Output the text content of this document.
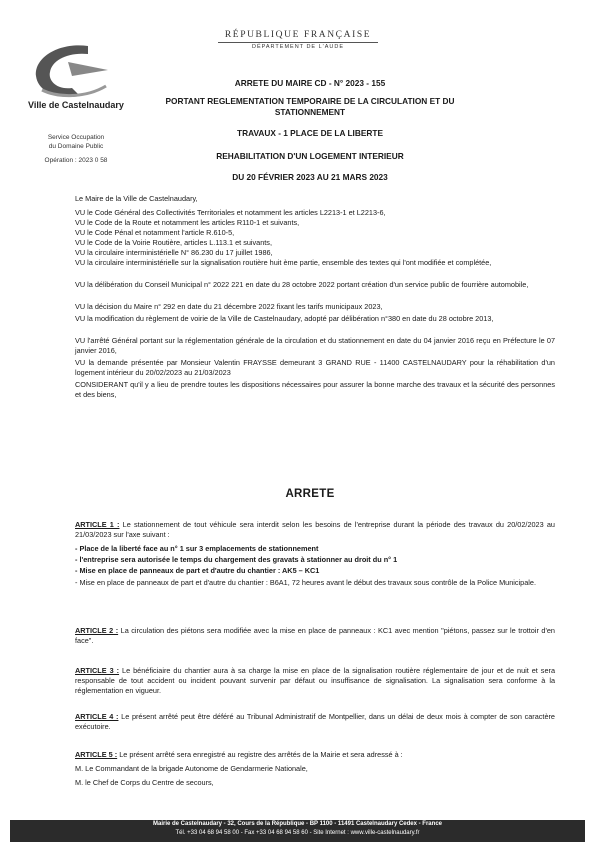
Ville de Castelnaudary
Service Occupation
du Domaine Public
Opération : 2023 0 58
RÉPUBLIQUE FRANÇAISE
DÉPARTEMENT DE L'AUDE
ARRETE DU MAIRE CD - N° 2023 - 155
PORTANT REGLEMENTATION TEMPORAIRE DE LA CIRCULATION ET DU
STATIONNEMENT
TRAVAUX - 1 PLACE DE LA LIBERTE
REHABILITATION D'UN LOGEMENT INTERIEUR
DU 20 FÉVRIER 2023 AU 21 MARS 2023
Le Maire de la Ville de Castelnaudary,
VU le Code Général des Collectivités Territoriales et notamment les articles L2213-1 et L2213-6,
VU le Code de la Route et notamment les articles R110-1 et suivants,
VU le Code Pénal et notamment l'article R.610-5,
VU le Code de la Voirie Routière, articles L.113.1 et suivants,
VU la circulaire interministérielle N° 86.230 du 17 juillet 1986,
VU la circulaire interministérielle sur la signalisation routière huit ème partie, ensemble des textes qui l'ont modifiée et complétée,
VU la délibération du Conseil Municipal n° 2022 221 en date du 28 octobre 2022 portant création d'un service public de fourrière automobile,
VU la décision du Maire n° 292 en date du 21 décembre 2022 fixant les tarifs municipaux 2023,
VU la modification du règlement de voirie de la Ville de Castelnaudary, adopté par délibération n°380 en date du 28 octobre 2013,
VU l'arrêté Général portant sur la réglementation générale de la circulation et du stationnement en date du 04 janvier 2016 reçu en Préfecture le 07 janvier 2016,
VU la demande présentée par Monsieur Valentin FRAYSSE demeurant 3 GRAND RUE - 11400 CASTELNAUDARY pour la réhabilitation d'un logement intérieur du 20/02/2023 au 21/03/2023
CONSIDERANT qu'il y a lieu de prendre toutes les dispositions nécessaires pour assurer la bonne marche des travaux et la sécurité des personnes et des biens,
ARRETE
ARTICLE 1 : Le stationnement de tout véhicule sera interdit selon les besoins de l'entreprise durant la période des travaux du 20/02/2023 au 21/03/2023 sur l'axe suivant :
- Place de la liberté face au n° 1 sur 3 emplacements de stationnement
- l'entreprise sera autorisée le temps du chargement des gravats à stationner au droit du n° 1
- Mise en place de panneaux de part et d'autre du chantier : AK5 – KC1
- Mise en place de panneaux de part et d'autre du chantier : B6A1, 72 heures avant le début des travaux sous contrôle de la Police Municipale.
ARTICLE 2 : La circulation des piétons sera modifiée avec la mise en place de panneaux : KC1 avec mention "piétons, passez sur le trottoir d'en face".
ARTICLE 3 : Le bénéficiaire du chantier aura à sa charge la mise en place de la signalisation routière réglementaire de jour et de nuit et sera responsable de tout accident ou incident pouvant survenir par défaut ou insuffisance de signalisation. La signalisation sera conforme à la réglementation en vigueur.
ARTICLE 4 : Le présent arrêté peut être déféré au Tribunal Administratif de Montpellier, dans un délai de deux mois à compter de son caractère exécutoire.
ARTICLE 5 : Le présent arrêté sera enregistré au registre des arrêtés de la Mairie et sera adressé à :
M. Le Commandant de la brigade Autonome de Gendarmerie Nationale,
M. le Chef de Corps du Centre de secours,
Mairie de Castelnaudary - 32, Cours de la République - BP 1100 - 11491 Castelnaudary Cedex - France
Tél. +33 04 68 94 58 00 - Fax +33 04 68 94 58 60 - Site Internet : www.ville-castelnaudary.fr
